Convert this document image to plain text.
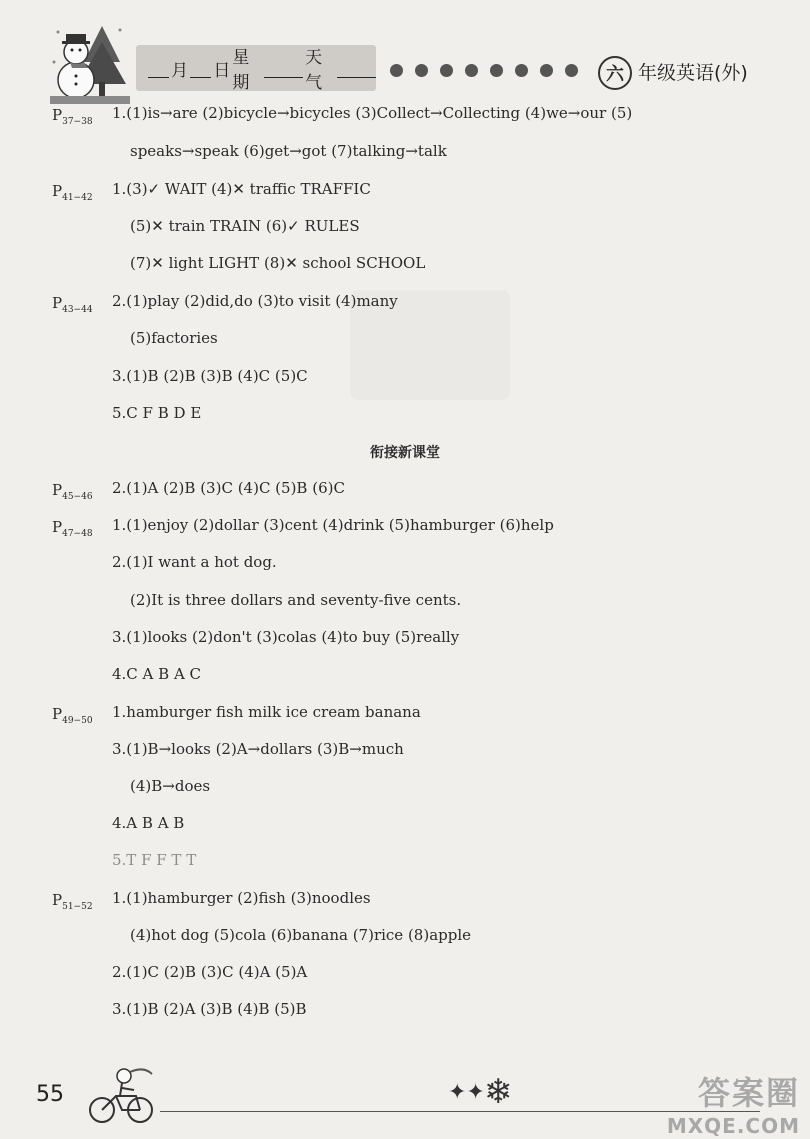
月 日
星期
天气	六 年级英语(外)
$P_{37-38}$ 1.(1)is→are (2)bicycle→bicycles (3)Collect→Collecting (4)we→our (5)
speaks→speak (6)get→got (7)talking→talk
$P_{41-42}$ 1.(3)✓ WAIT (4)✕ traffic TRAFFIC
(5)✕ train TRAIN (6)✓ RULES
(7)✕ light LIGHT (8)✕ school SCHOOL
$P_{43-44}$ 2.(1)play (2)did,do (3)to visit (4)many
(5)factories
3.(1)B (2)B (3)B (4)C (5)C
5.C F B D E
衔接新课堂
$P_{45-46}$ 2.(1)A (2)B (3)C (4)C (5)B (6)C
$P_{47-48}$ 1.(1)enjoy (2)dollar (3)cent (4)drink (5)hamburger (6)help
2.(1)I want a hot dog.
(2)It is three dollars and seventy-five cents.
3.(1)looks (2)don't (3)colas (4)to buy (5)really
4.C A B A C
$P_{49-50}$ 1.hamburger fish milk ice cream banana
3.(1)B→looks (2)A→dollars (3)B→much
(4)B→does
4.A B A B
5.T F F T T
$P_{51-52}$ 1.(1)hamburger (2)fish (3)noodles
(4)hot dog (5)cola (6)banana (7)rice (8)apple
2.(1)C (2)B (3)C (4)A (5)A
3.(1)B (2)A (3)B (4)B (5)B
55	✦✦ ❄	答案圈
MXQE.COM
